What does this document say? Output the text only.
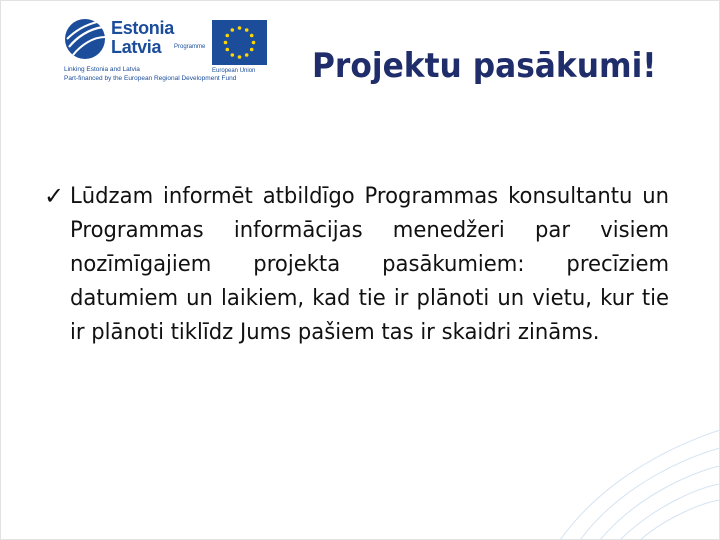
Estonia
Latvia Programme
Linking Estonia and Latvia
Part-financed by the European Regional Development Fund
European Union Projektu pasākumi!
✓ Lūdzam informēt atbildīgo Programmas konsultantu un Programmas informācijas menedžeri par visiem nozīmīgajiem projekta pasākumiem: precīziem datumiem un laikiem, kad tie ir plānoti un vietu, kur tie ir plānoti tiklīdz Jums pašiem tas ir skaidri zināms.
